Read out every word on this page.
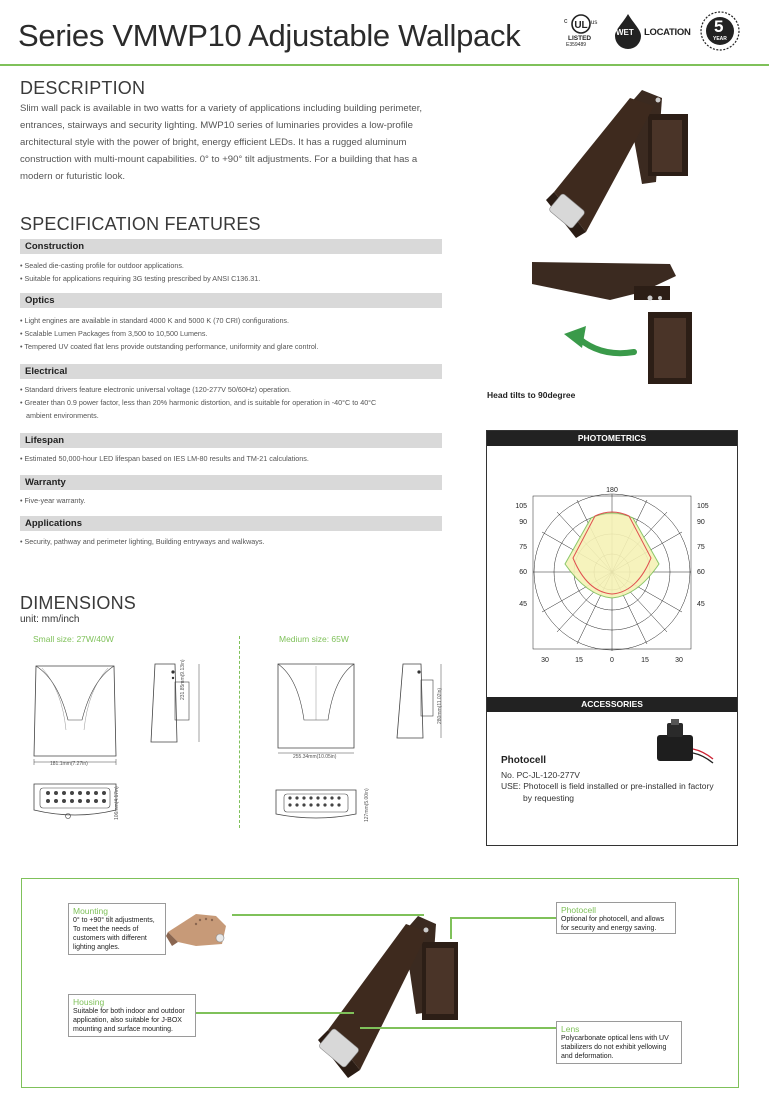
Series VMWP10 Adjustable Wallpack	UL
c	us
LISTED
E359489
WET LOCATION 5
YEAR
DESCRIPTION
Slim wall pack is available in two watts for a variety of applications including building perimeter, entrances, stairways and security lighting. MWP10 series of luminaries provides a low-profile architectural style with the power of bright, energy efficient LEDs. It has a rugged aluminum construction with multi-mount capabilities. 0° to +90° tilt adjustments. For a building that has a modern or futuristic look.
SPECIFICATION FEATURES
Construction
• Sealed die-casting profile for outdoor applications.
• Suitable for applications requiring 3G testing prescribed by ANSI C136.31.
Optics
• Light engines are available in standard 4000 K and 5000 K (70 CRI) configurations.
• Scalable Lumen Packages from 3,500 to 10,500 Lumens.
• Tempered UV coated flat lens provide outstanding performance, uniformity and glare control.
Electrical
• Standard drivers feature electronic universal voltage (120-277V 50/60Hz) operation.
• Greater than 0.9 power factor, less than 20% harmonic distortion, and is suitable for operation in -40°C to 40°C
ambient environments.
Lifespan
• Estimated 50,000-hour LED lifespan based on IES LM-80 results and TM-21 calculations.
Warranty
• Five-year warranty.
Applications
• Security, pathway and perimeter lighting, Building entryways and walkways.
DIMENSIONS
unit: mm/inch
Small size: 27W/40W	Medium size: 65W
181.1mm(7.27in)
231.85mm(9.13in)
106mm(4.17in)
255.34mm(10.05in)
280mm(11.02in)
127mm(5.00in)
Head tilts to 90degree
PHOTOMETRICS
180
105
90
75
60
45
105
90
75
60
45
30	15	0	15	30
ACCESSORIES
Photocell
No. PC-JL-120-277V
USE: Photocell is field installed or pre-installed in factory
by requesting
Mounting
0° to +90° tilt adjustments,
To meet the needs of
customers with different
lighting angles.
Housing
Suitable for both indoor and outdoor
application, also suitable for J-BOX
mounting and surface mounting.
Photocell
Optional for photocell, and allows
for security and energy saving.
Lens
Polycarbonate optical lens with UV
stabilizers do not exhibit yellowing
and deformation.
